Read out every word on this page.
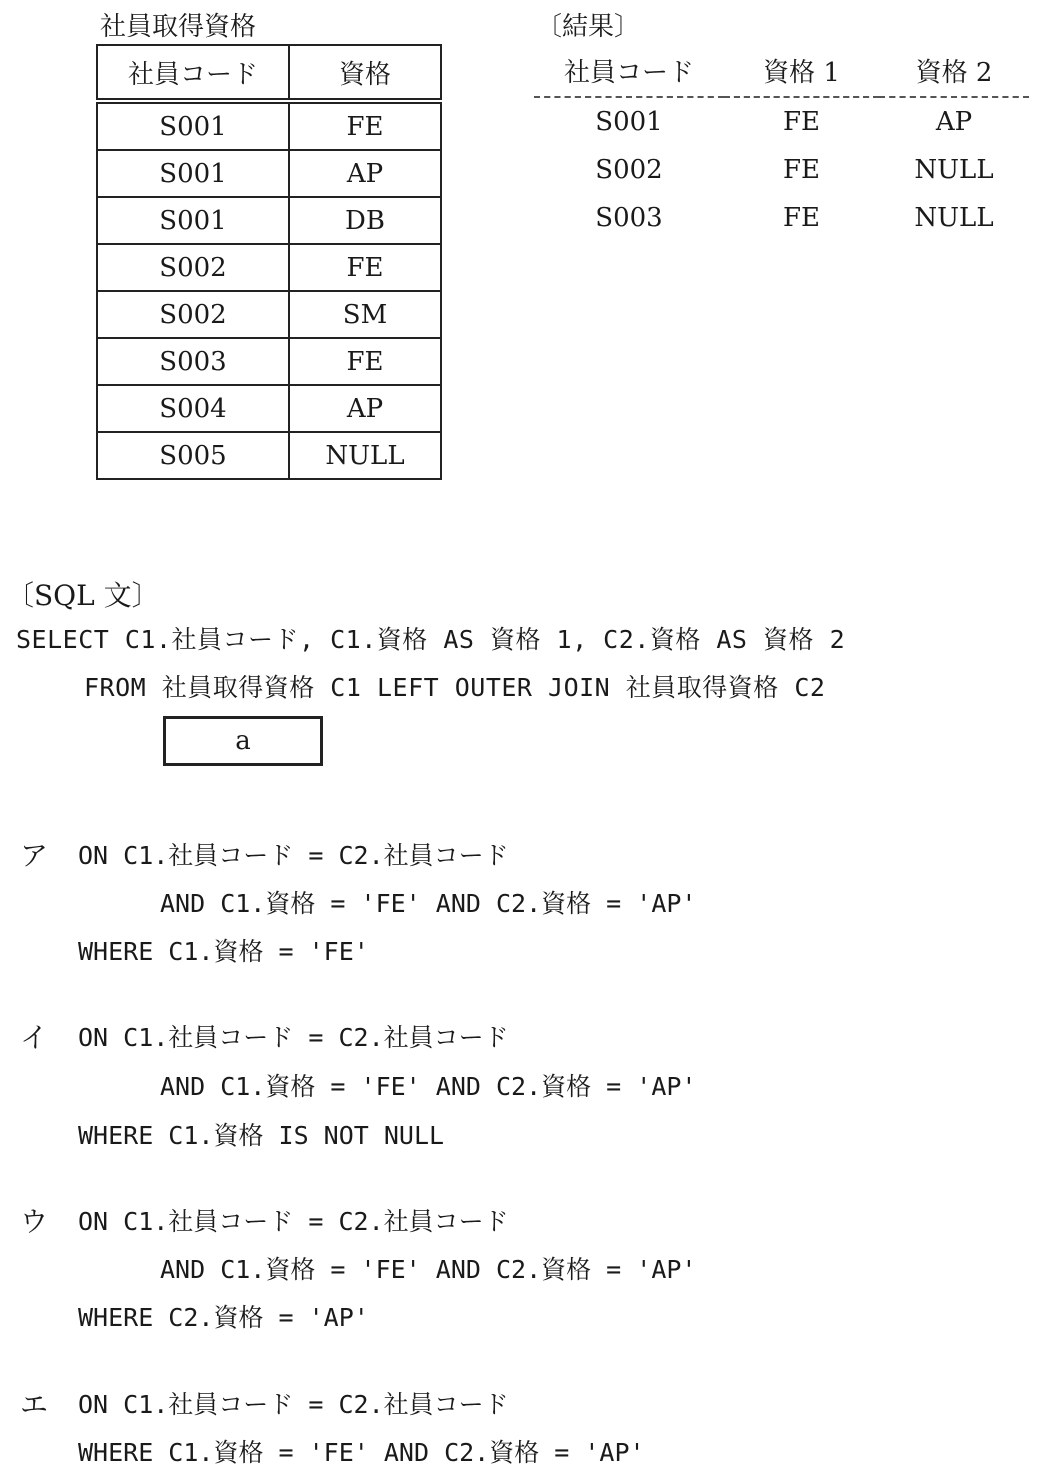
社員取得資格
社員コード	資格
S001	FE
S001	AP
S001	DB
S002	FE
S002	SM
S003	FE
S004	AP
S005	NULL
〔結果〕
社員コード	資格 1	資格 2	
S001	FE	AP	
S002	FE	NULL	
S003	FE	NULL	
〔SQL 文〕
SELECT C1.社員コード, C1.資格 AS 資格 1, C2.資格 AS 資格 2
FROM 社員取得資格 C1 LEFT OUTER JOIN 社員取得資格 C2
a
ア ON C1.社員コード = C2.社員コード
AND C1.資格 = 'FE' AND C2.資格 = 'AP'
WHERE C1.資格 = 'FE'
イ ON C1.社員コード = C2.社員コード
AND C1.資格 = 'FE' AND C2.資格 = 'AP'
WHERE C1.資格 IS NOT NULL
ウ ON C1.社員コード = C2.社員コード
AND C1.資格 = 'FE' AND C2.資格 = 'AP'
WHERE C2.資格 = 'AP'
エ ON C1.社員コード = C2.社員コード
WHERE C1.資格 = 'FE' AND C2.資格 = 'AP'
